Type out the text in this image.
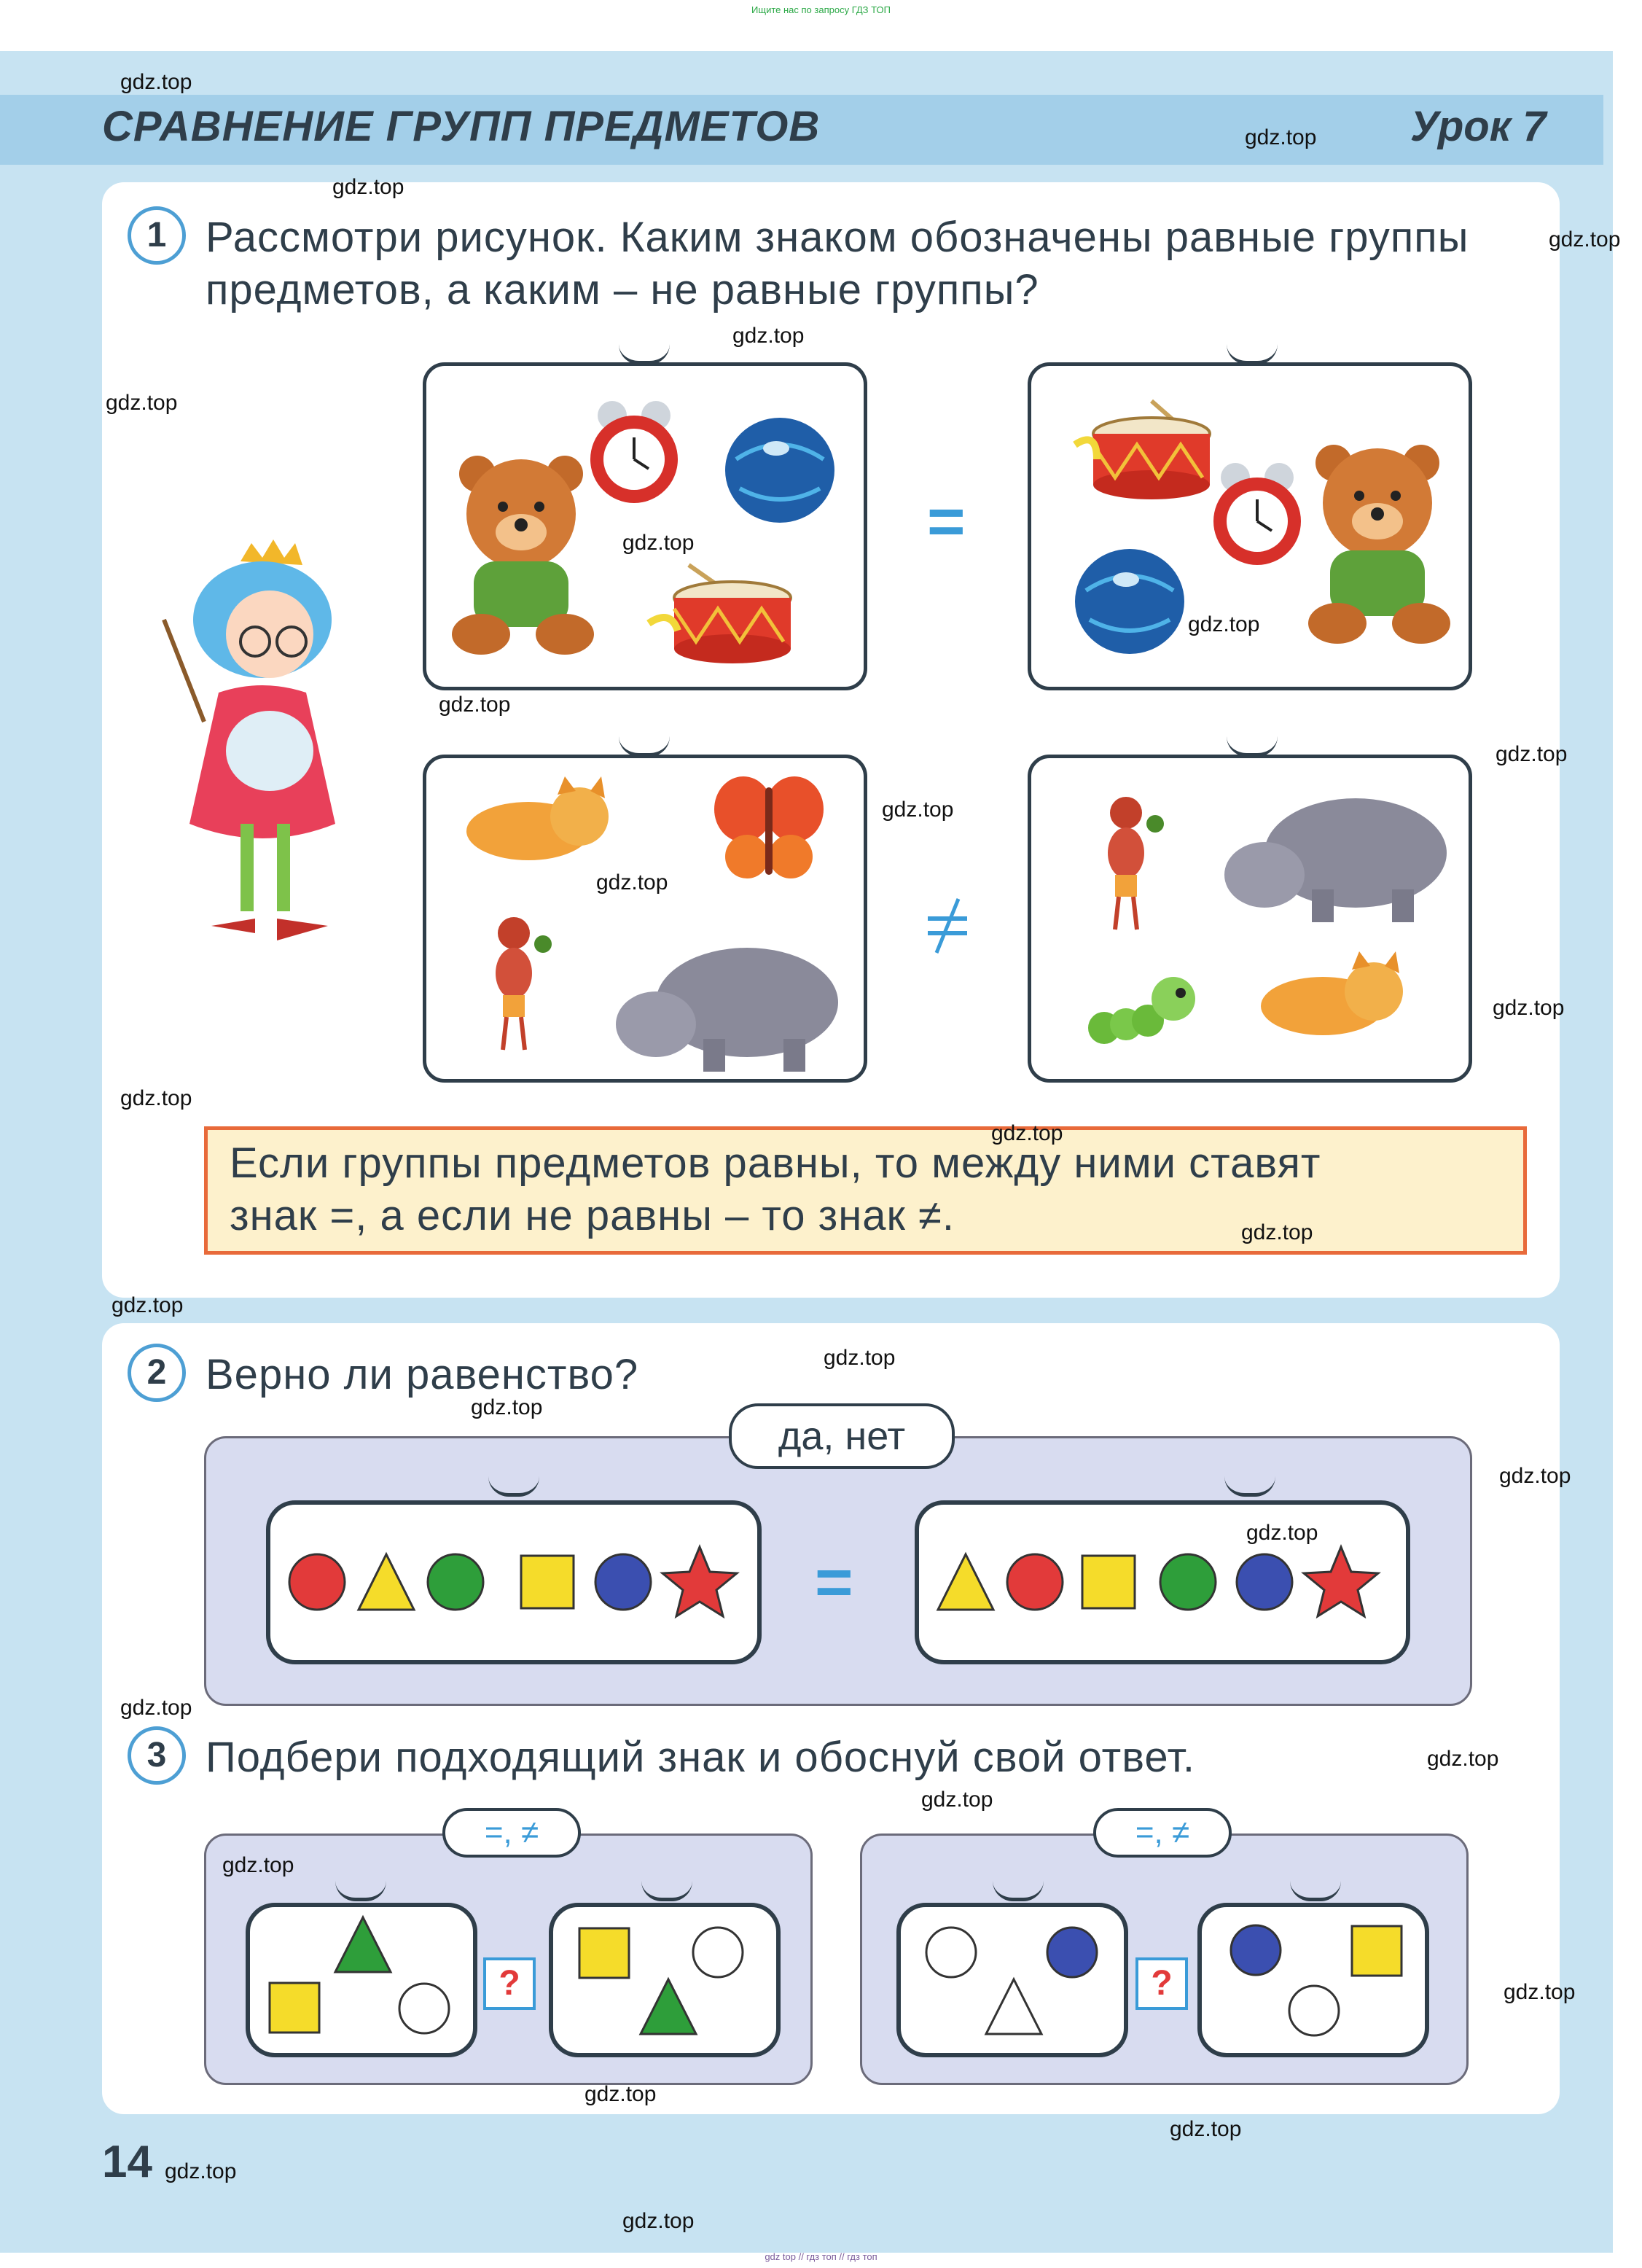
Ищите нас по запросу ГДЗ ТОП
СРАВНЕНИЕ ГРУПП ПРЕДМЕТОВ	Урок 7
1 Рассмотри рисунок. Каким знаком обозначены равные группы
предметов, а каким – не равные группы?
=
Если группы предметов равны, то между ними ставят
знак =, а если не равны – то знак ≠.
2 Верно ли равенство?
да, нет
=
3 Подбери подходящий знак и обоснуй свой ответ.
=, ≠
?
=, ≠
?
14
gdz.top
gdz.top
gdz.top
gdz.top
gdz.top
gdz.top
gdz.top
gdz.top
gdz.top
gdz.top
gdz.top
gdz.top
gdz.top
gdz.top
gdz.top
gdz.top
gdz.top
gdz.top
gdz.top
gdz.top
gdz.top
gdz.top
gdz.top
gdz.top
gdz.top
gdz.top
gdz.top
gdz.top
gdz.top
gdz.top
gdz top // гдз топ // гдз топ
